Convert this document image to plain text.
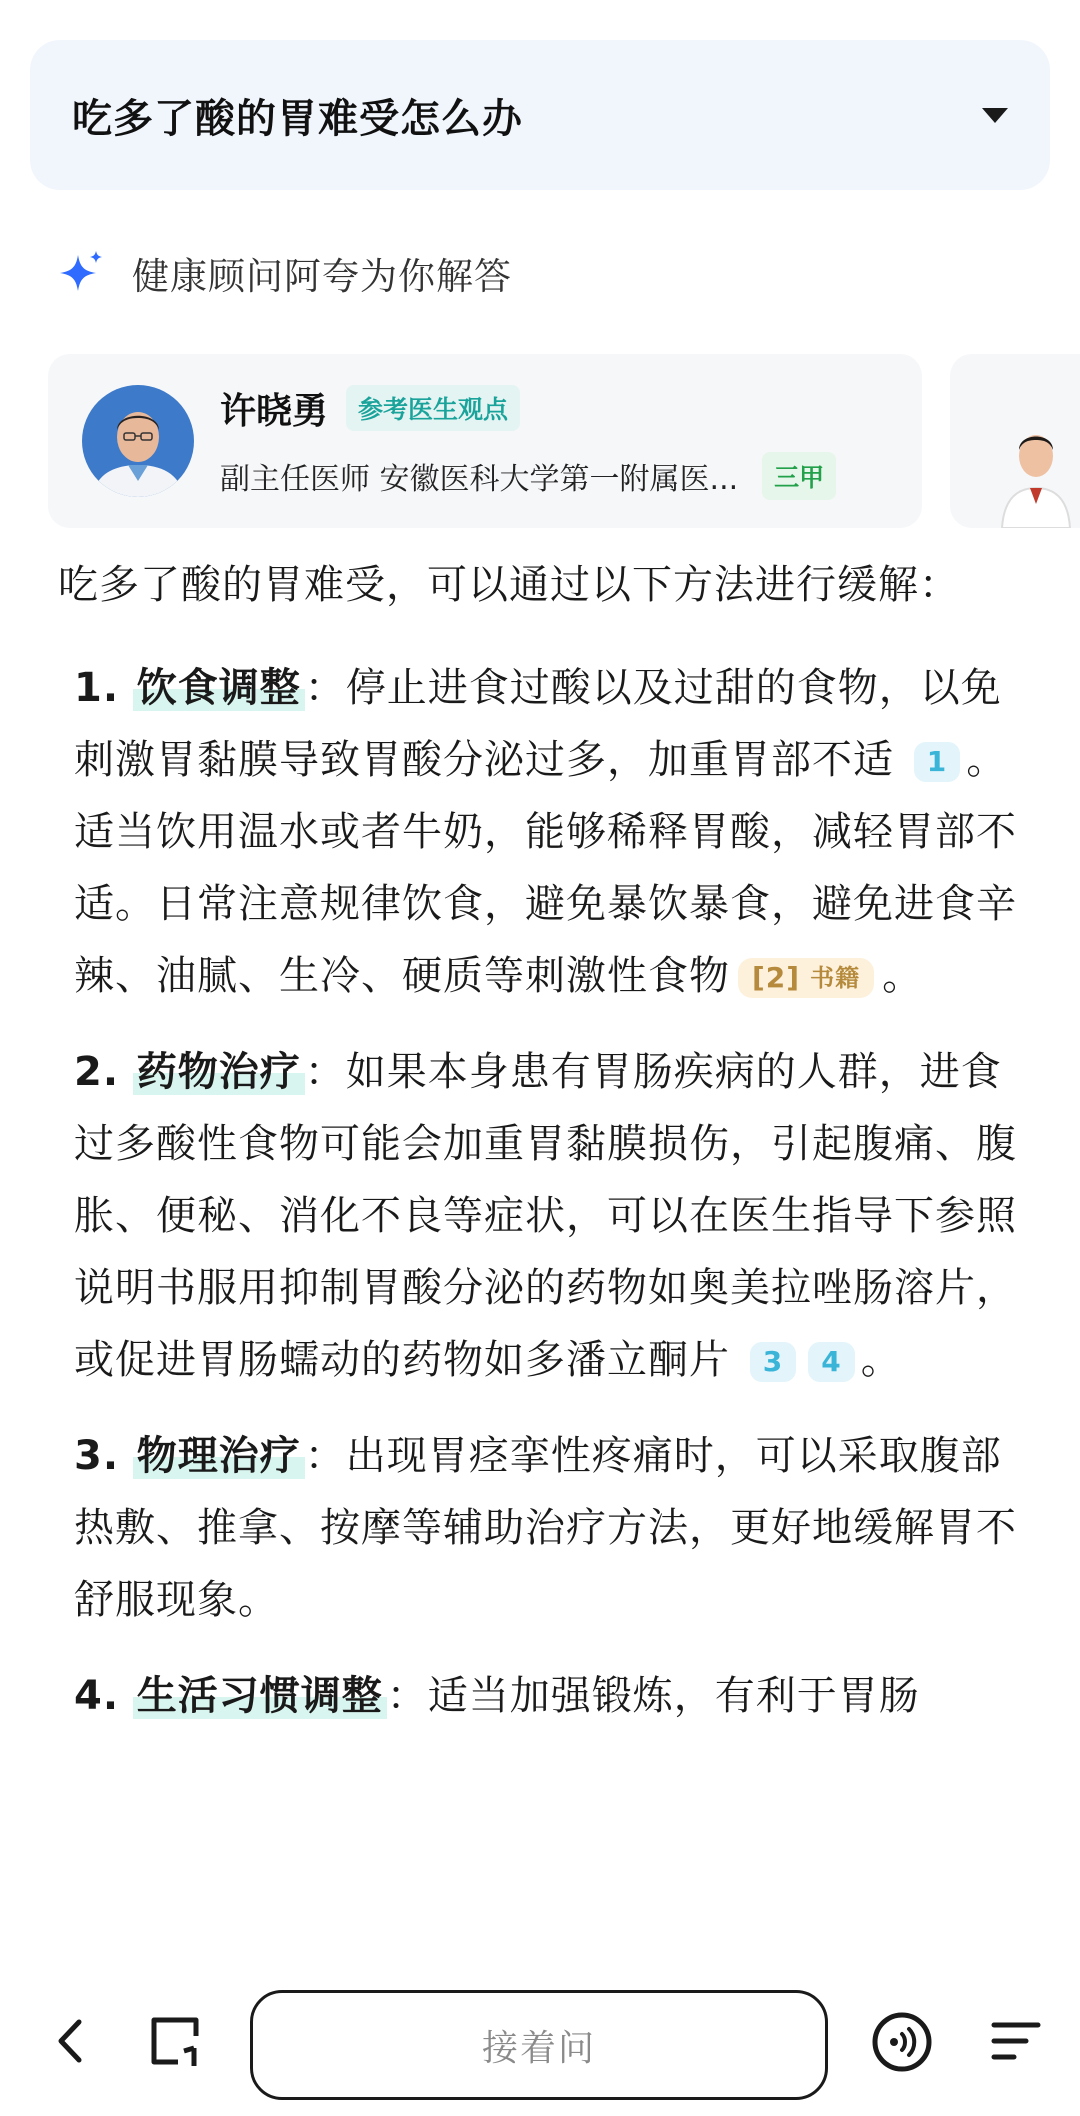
吃多了酸的胃难受怎么办
健康顾问阿夸为你解答
许晓勇	参考医生观点
副主任医师 安徽医科大学第一附属医...	三甲

吃多了酸的胃难受，可以通过以下方法进行缓解：

1. 饮食调整 ：停止进食过酸以及过甜的食物，以免刺激胃黏膜导致胃酸分泌过多，加重胃部不适 1 。适当饮用温水或者牛奶，能够稀释胃酸，减轻胃部不适。日常注意规律饮食，避免暴饮暴食，避免进食辛辣、油腻、生冷、硬质等刺激性食物 [2] 书籍 。

2. 药物治疗 ：如果本身患有胃肠疾病的人群，进食过多酸性食物可能会加重胃黏膜损伤，引起腹痛、腹胀、便秘、消化不良等症状，可以在医生指导下参照说明书服用抑制胃酸分泌的药物如奥美拉唑肠溶片，或促进胃肠蠕动的药物如多潘立酮片 3 4 。

3. 物理治疗 ：出现胃痉挛性疼痛时，可以采取腹部热敷、推拿、按摩等辅助治疗方法，更好地缓解胃不舒服现象。

4. 生活习惯调整 ：适当加强锻炼，有利于胃肠

接着问
